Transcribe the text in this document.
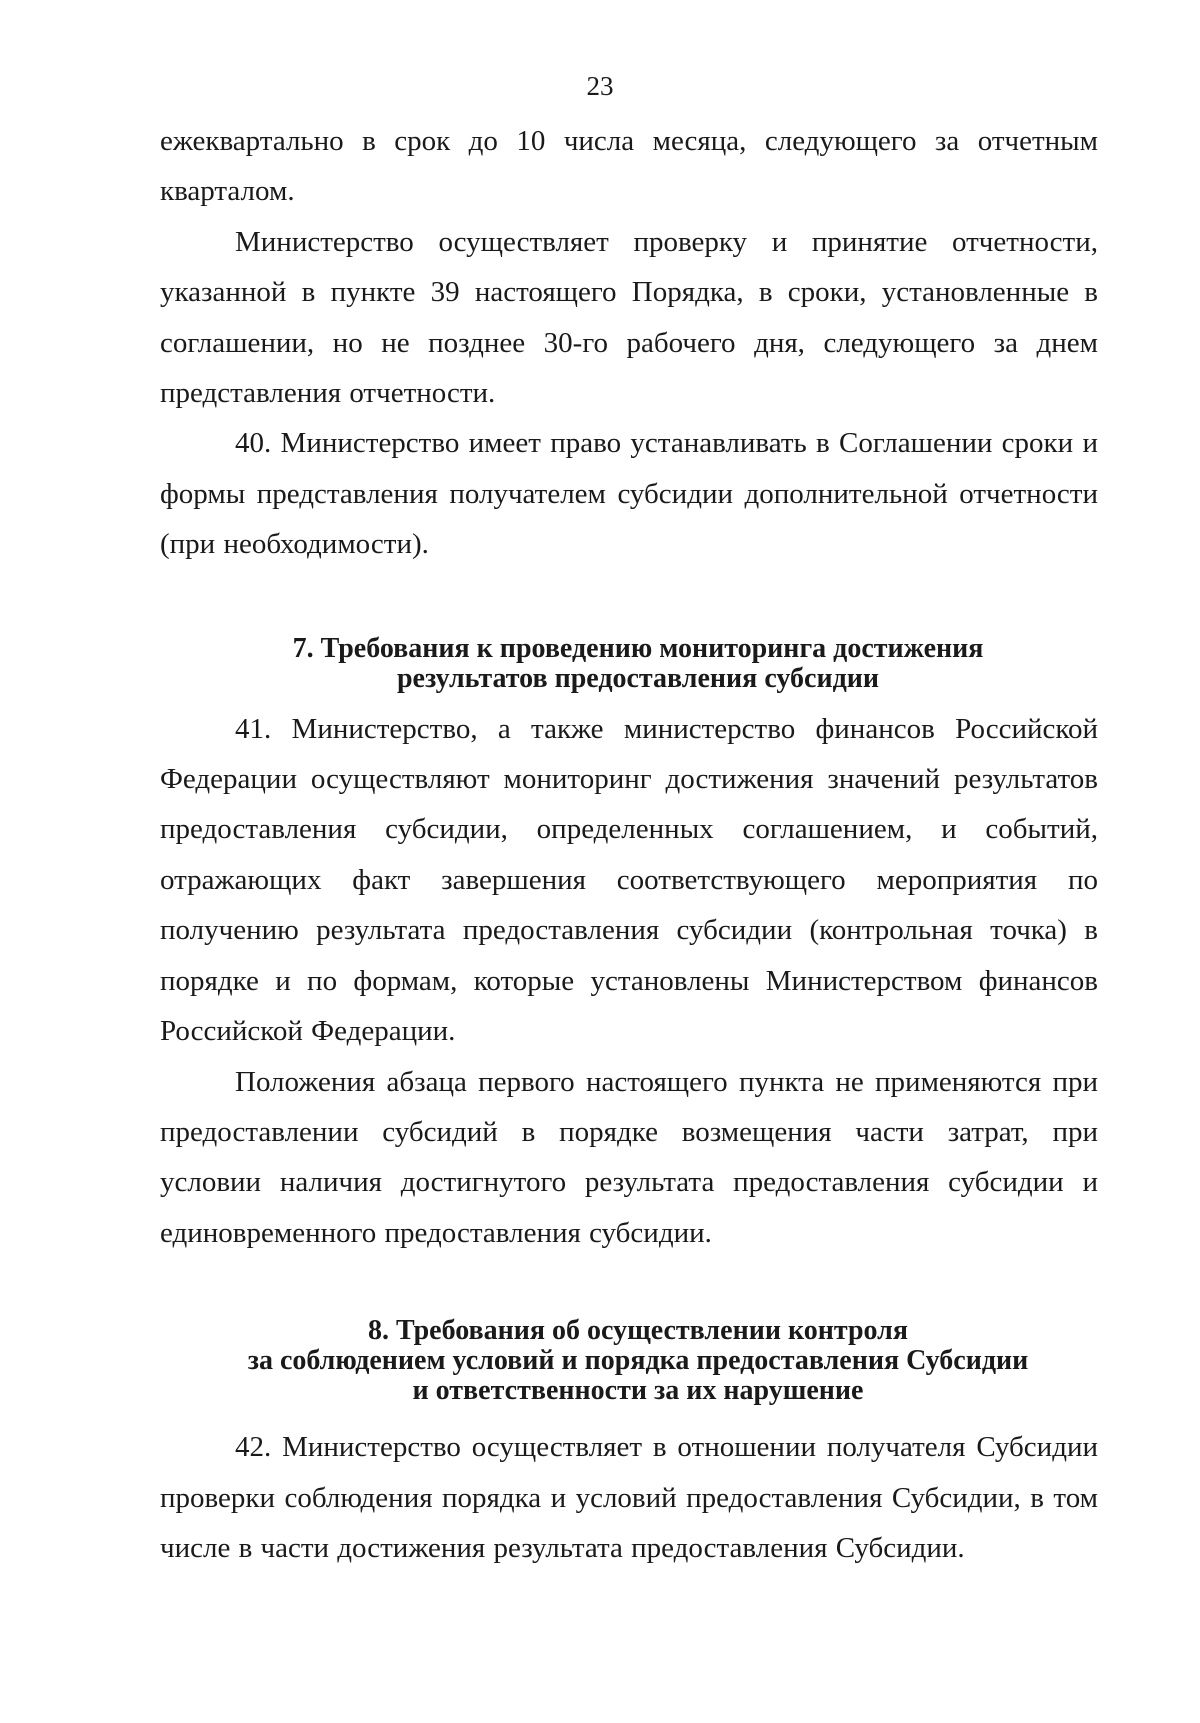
23

ежеквартально в срок до 10 числа месяца, следующего за отчетным кварталом.

Министерство осуществляет проверку и принятие отчетности, указанной в пункте 39 настоящего Порядка, в сроки, установленные в соглашении, но не позднее 30-го рабочего дня, следующего за днем представления отчетности.

40. Министерство имеет право устанавливать в Соглашении сроки и формы представления получателем субсидии дополнительной отчетности (при необходимости).

7. Требования к проведению мониторинга достижения
результатов предоставления субсидии

41. Министерство, а также министерство финансов Российской Федерации осуществляют мониторинг достижения значений результатов предоставления субсидии, определенных соглашением, и событий, отражающих факт завершения соответствующего мероприятия по получению результата предоставления субсидии (контрольная точка) в порядке и по формам, которые установлены Министерством финансов Российской Федерации.

Положения абзаца первого настоящего пункта не применяются при предоставлении субсидий в порядке возмещения части затрат, при условии наличия достигнутого результата предоставления субсидии и единовременного предоставления субсидии.

8. Требования об осуществлении контроля
за соблюдением условий и порядка предоставления Субсидии
и ответственности за их нарушение

42. Министерство осуществляет в отношении получателя Субсидии проверки соблюдения порядка и условий предоставления Субсидии, в том числе в части достижения результата предоставления Субсидии.
